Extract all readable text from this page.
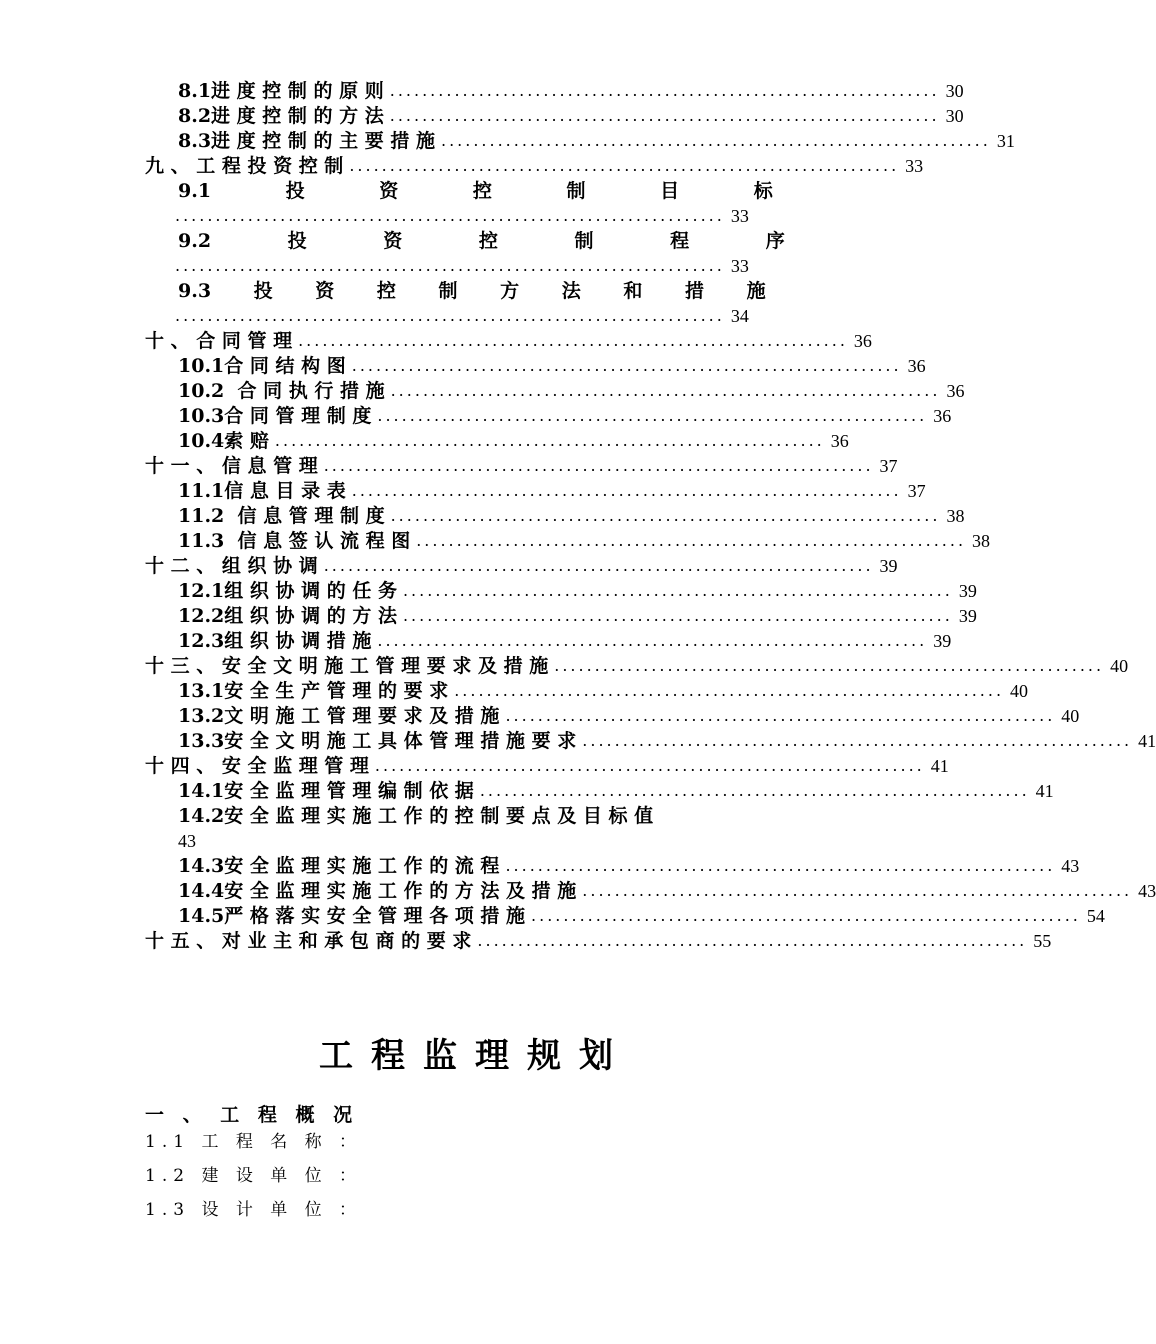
8.1进 度 控 制 的 原 则 .................................................................... 30
8.2进 度 控 制 的 方 法 .................................................................... 30
8.3进 度 控 制 的 主 要 措 施 .................................................................... 31
九 、 工 程 投 资 控 制 .................................................................... 33
9.1 投 资 控 制 目 标
.................................................................... 33
9.2 投 资 控 制 程 序
.................................................................... 33
9.3 投 资 控 制 方 法 和 措 施
.................................................................... 34
十 、 合 同 管 理 .................................................................... 36
10.1合 同 结 构 图 .................................................................... 36
10.2  合 同 执 行 措 施 .................................................................... 36
10.3合 同 管 理 制 度 .................................................................... 36
10.4索 赔 .................................................................... 36
十 一 、 信 息 管 理 .................................................................... 37
11.1信 息 目 录 表 .................................................................... 37
11.2  信 息 管 理 制 度 .................................................................... 38
11.3  信 息 签 认 流 程 图 .................................................................... 38
十 二 、 组 织 协 调 .................................................................... 39
12.1组 织 协 调 的 任 务 .................................................................... 39
12.2组 织 协 调 的 方 法 .................................................................... 39
12.3组 织 协 调 措 施 .................................................................... 39
十 三 、 安 全 文 明 施 工 管 理 要 求 及 措 施 .................................................................... 40
13.1安 全 生 产 管 理 的 要 求 .................................................................... 40
13.2文 明 施 工 管 理 要 求 及 措 施 .................................................................... 40
13.3安 全 文 明 施 工 具 体 管 理 措 施 要 求 .................................................................... 41
十 四 、 安 全 监 理 管 理 .................................................................... 41
14.1安 全 监 理 管 理 编 制 依 据 .................................................................... 41
14.2安 全 监 理 实 施 工 作 的 控 制 要 点 及 目 标 值
43
14.3安 全 监 理 实 施 工 作 的 流 程 .................................................................... 43
14.4安 全 监 理 实 施 工 作 的 方 法 及 措 施 .................................................................... 43
14.5严 格 落 实 安 全 管 理 各 项 措 施 .................................................................... 54
十 五 、 对 业 主 和 承 包 商 的 要 求 .................................................................... 55
工程监理规划
一 、 工 程 概 况
1.1 工 程 名 称 ：
1.2 建 设 单 位 ：
1.3 设 计 单 位 ：
